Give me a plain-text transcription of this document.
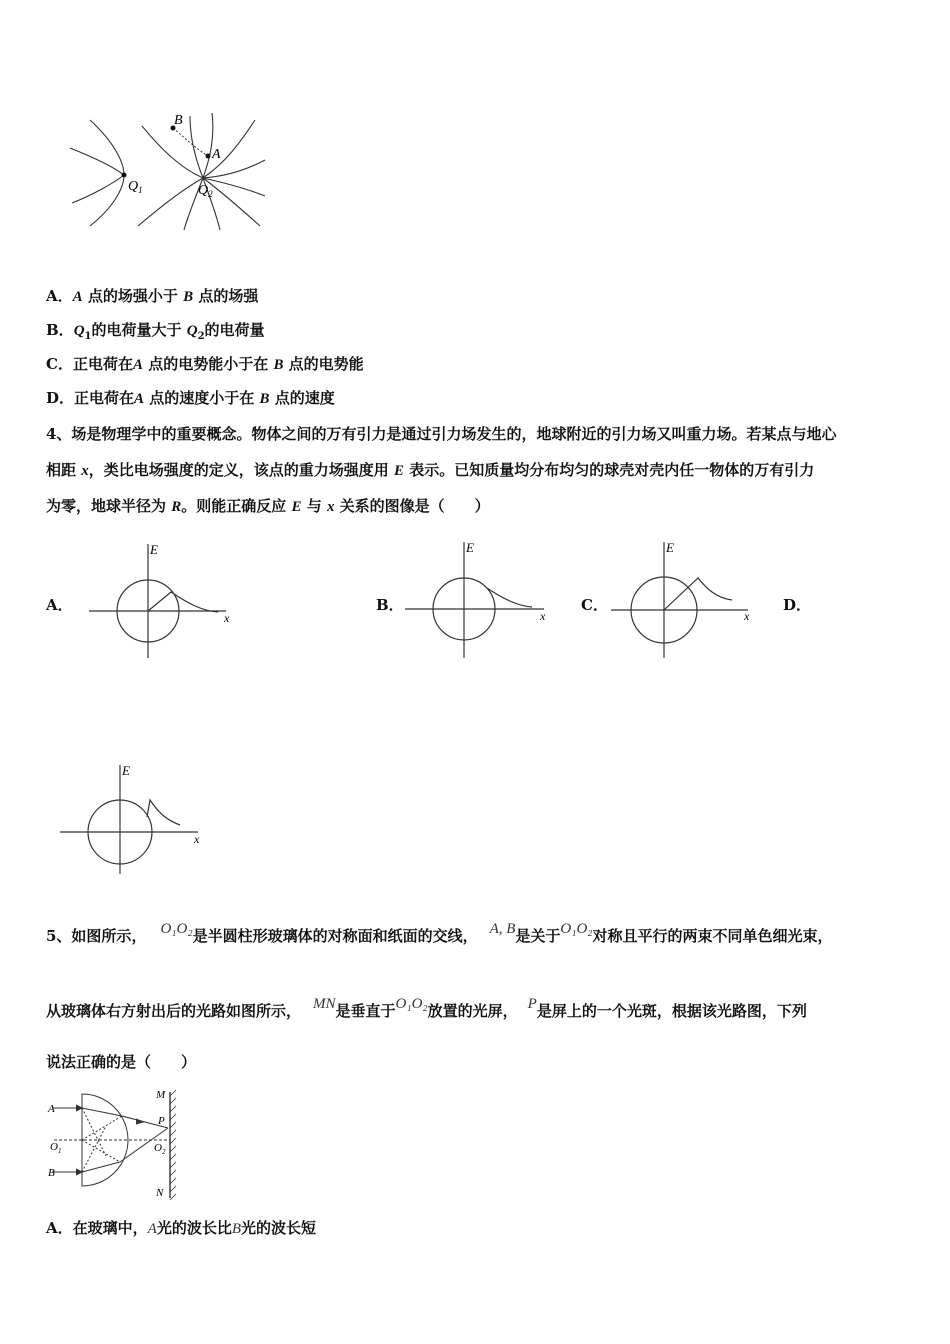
B
A
$Q_1$	$Q_2$
A．A 点的场强小于 B 点的场强
B．$Q_1$的电荷量大于 $Q_2$的电荷量
C．正电荷在A 点的电势能小于在 B 点的电势能
D．正电荷在A 点的速度小于在 B 点的速度
4、场是物理学中的重要概念。物体之间的万有引力是通过引力场发生的，地球附近的引力场又叫重力场。若某点与地心
相距 x，类比电场强度的定义，该点的重力场强度用 E 表示。已知质量均分布均匀的球壳对壳内任一物体的万有引力
为零，地球半径为 R。则能正确反应 E 与 x 关系的图像是（　　）
A．	B．	C．	D．
E
x
E
x
E
x
E
x
5、如图所示， O₁O₂是半圆柱形玻璃体的对称面和纸面的交线， A, B是关于O₁O₂对称且平行的两束不同单色细光束，
从玻璃体右方射出后的光路如图所示， MN是垂直于O₁O₂放置的光屏， P是屏上的一个光斑，根据该光路图，下列
说法正确的是（　　）
A
B
$O_1$	$O_2$
M
N
P
A．在玻璃中，A光的波长比B光的波长短
